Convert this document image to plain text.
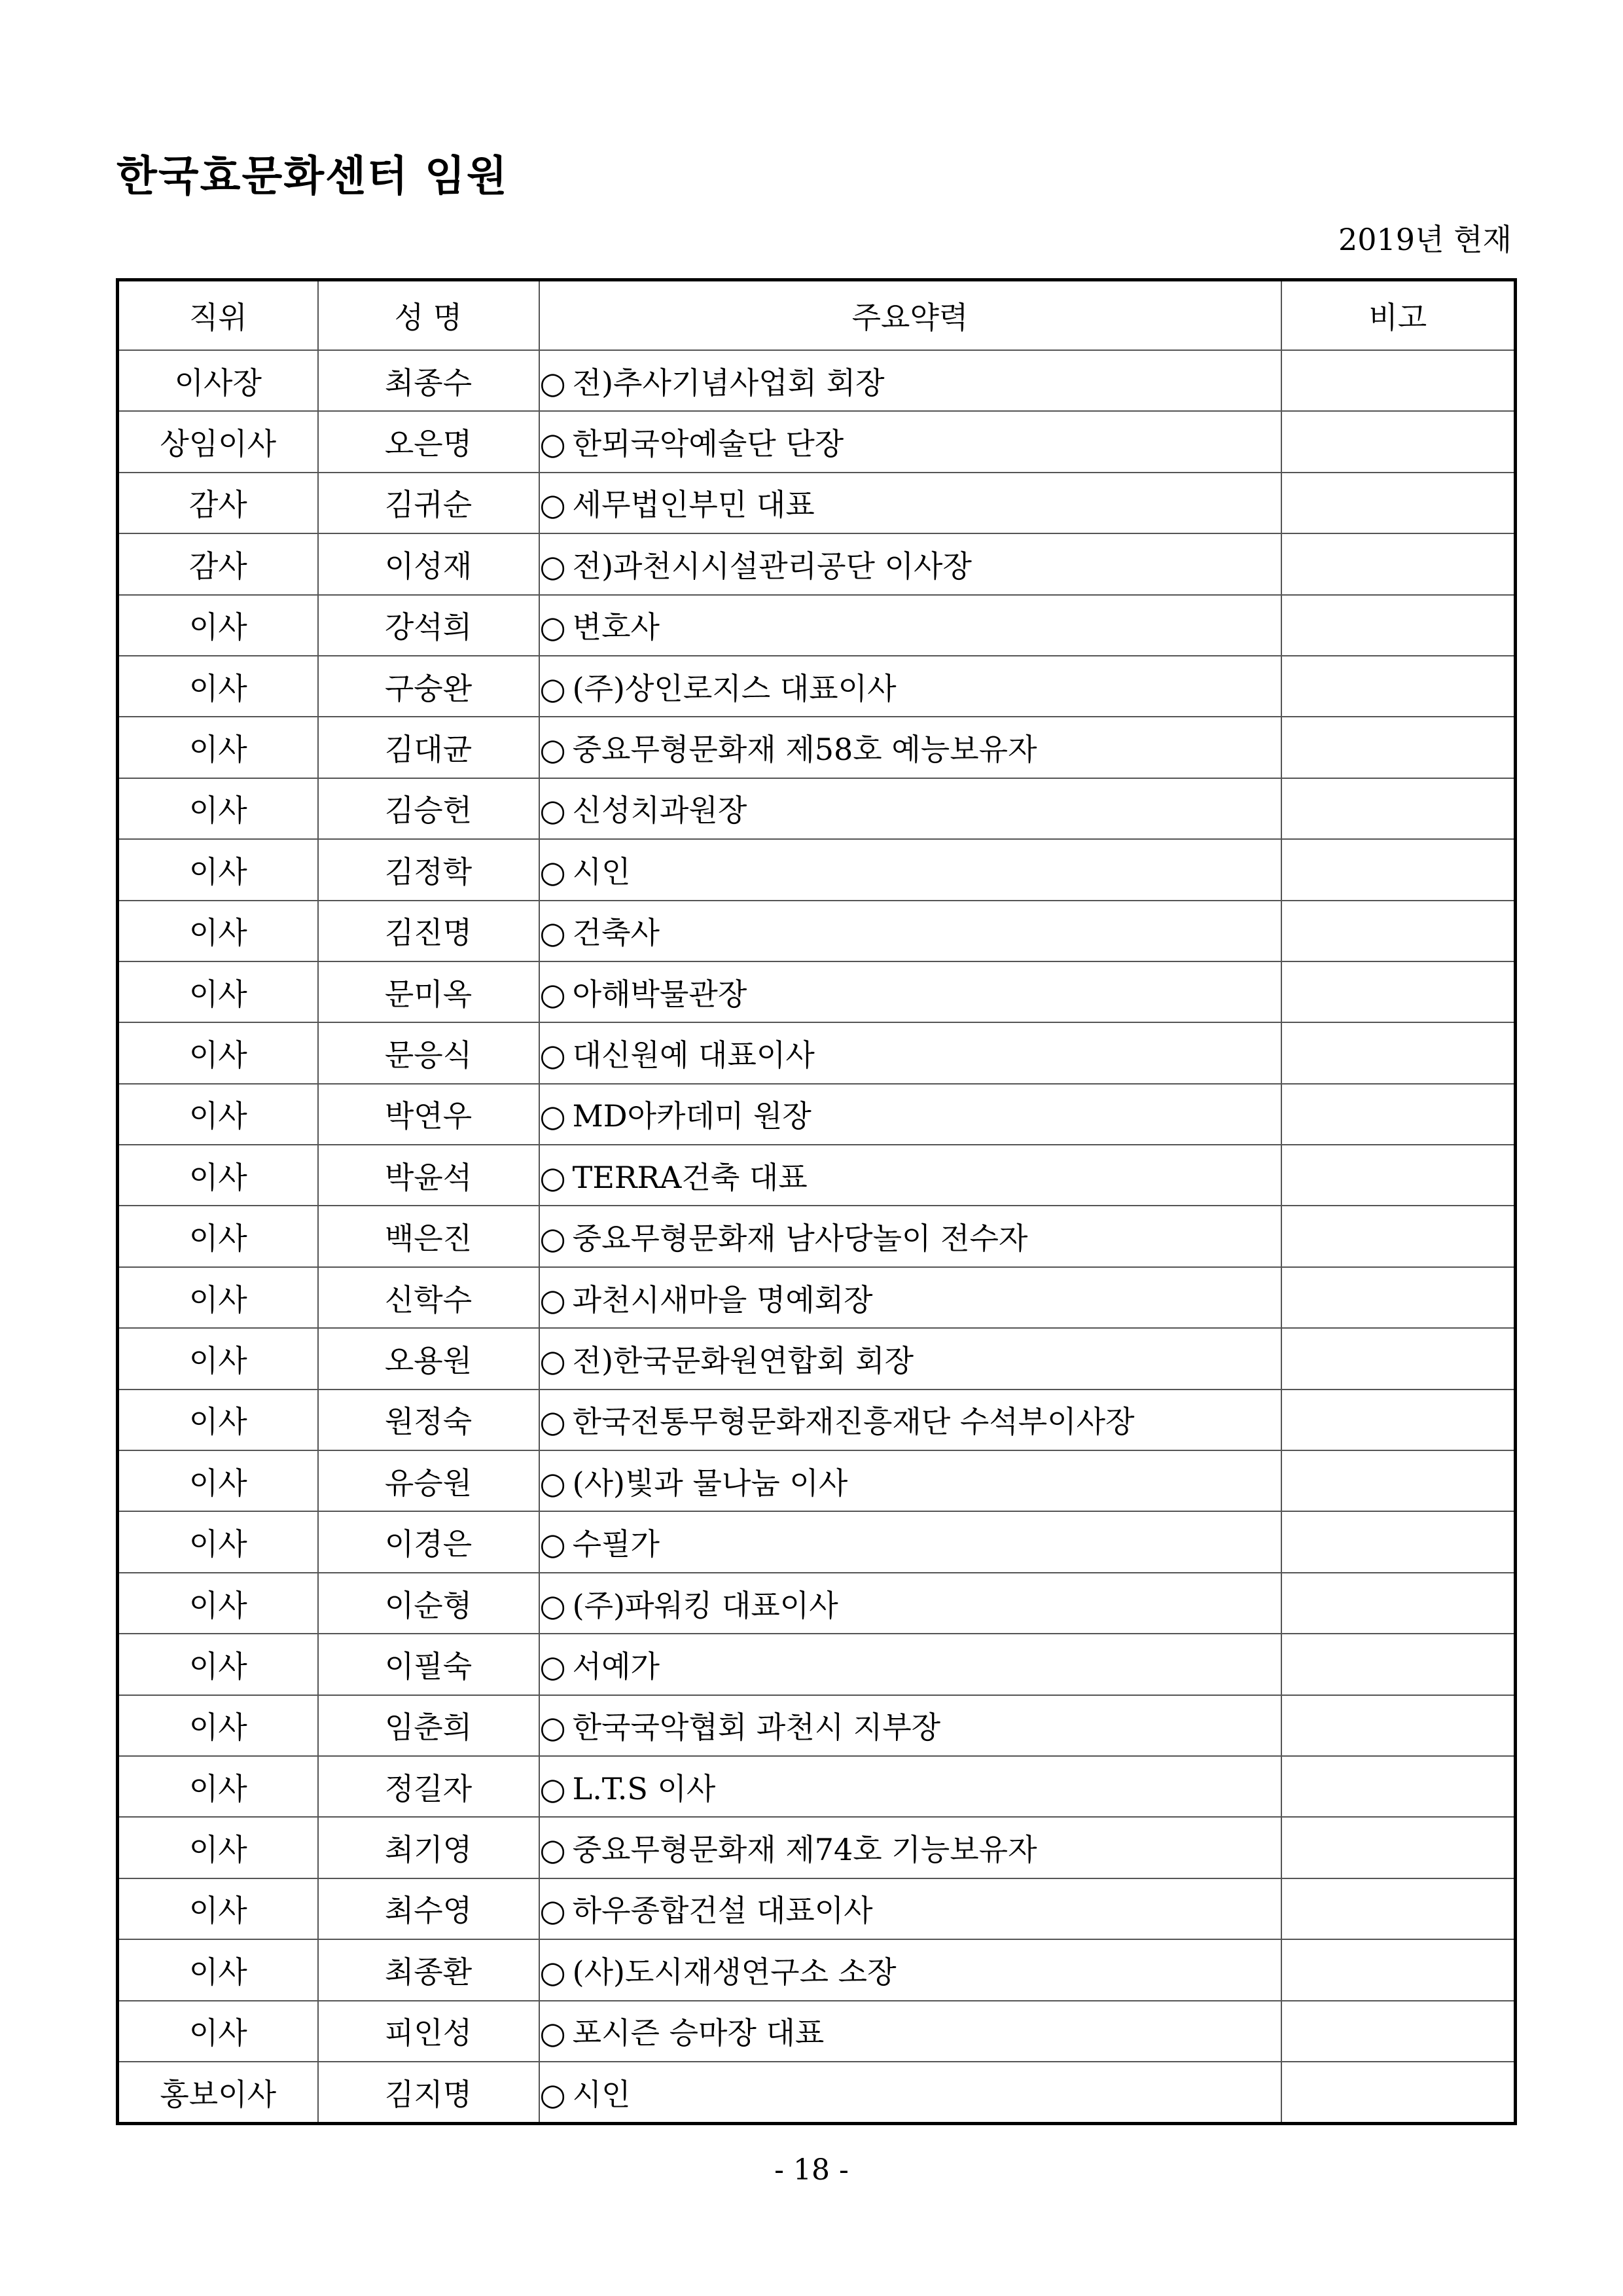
한국효문화센터 임원
2019년 현재
직위	성 명	주요약력	비고
이사장	최종수	○ 전)추사기념사업회 회장	
상임이사	오은명	○ 한뫼국악예술단 단장	
감사	김귀순	○ 세무법인부민 대표	
감사	이성재	○ 전)과천시시설관리공단 이사장	
이사	강석희	○ 변호사	
이사	구숭완	○ (주)상인로지스 대표이사	
이사	김대균	○ 중요무형문화재 제58호 예능보유자	
이사	김승헌	○ 신성치과원장	
이사	김정학	○ 시인	
이사	김진명	○ 건축사	
이사	문미옥	○ 아해박물관장	
이사	문응식	○ 대신원예 대표이사	
이사	박연우	○ MD아카데미 원장	
이사	박윤석	○ TERRA건축 대표	
이사	백은진	○ 중요무형문화재 남사당놀이 전수자	
이사	신학수	○ 과천시새마을 명예회장	
이사	오용원	○ 전)한국문화원연합회 회장	
이사	원정숙	○ 한국전통무형문화재진흥재단 수석부이사장	
이사	유승원	○ (사)빛과 물나눔 이사	
이사	이경은	○ 수필가	
이사	이순형	○ (주)파워킹 대표이사	
이사	이필숙	○ 서예가	
이사	임춘희	○ 한국국악협회 과천시 지부장	
이사	정길자	○ L.T.S 이사	
이사	최기영	○ 중요무형문화재 제74호 기능보유자	
이사	최수영	○ 하우종합건설 대표이사	
이사	최종환	○ (사)도시재생연구소 소장	
이사	피인성	○ 포시즌 승마장 대표	
홍보이사	김지명	○ 시인	
- 18 -
